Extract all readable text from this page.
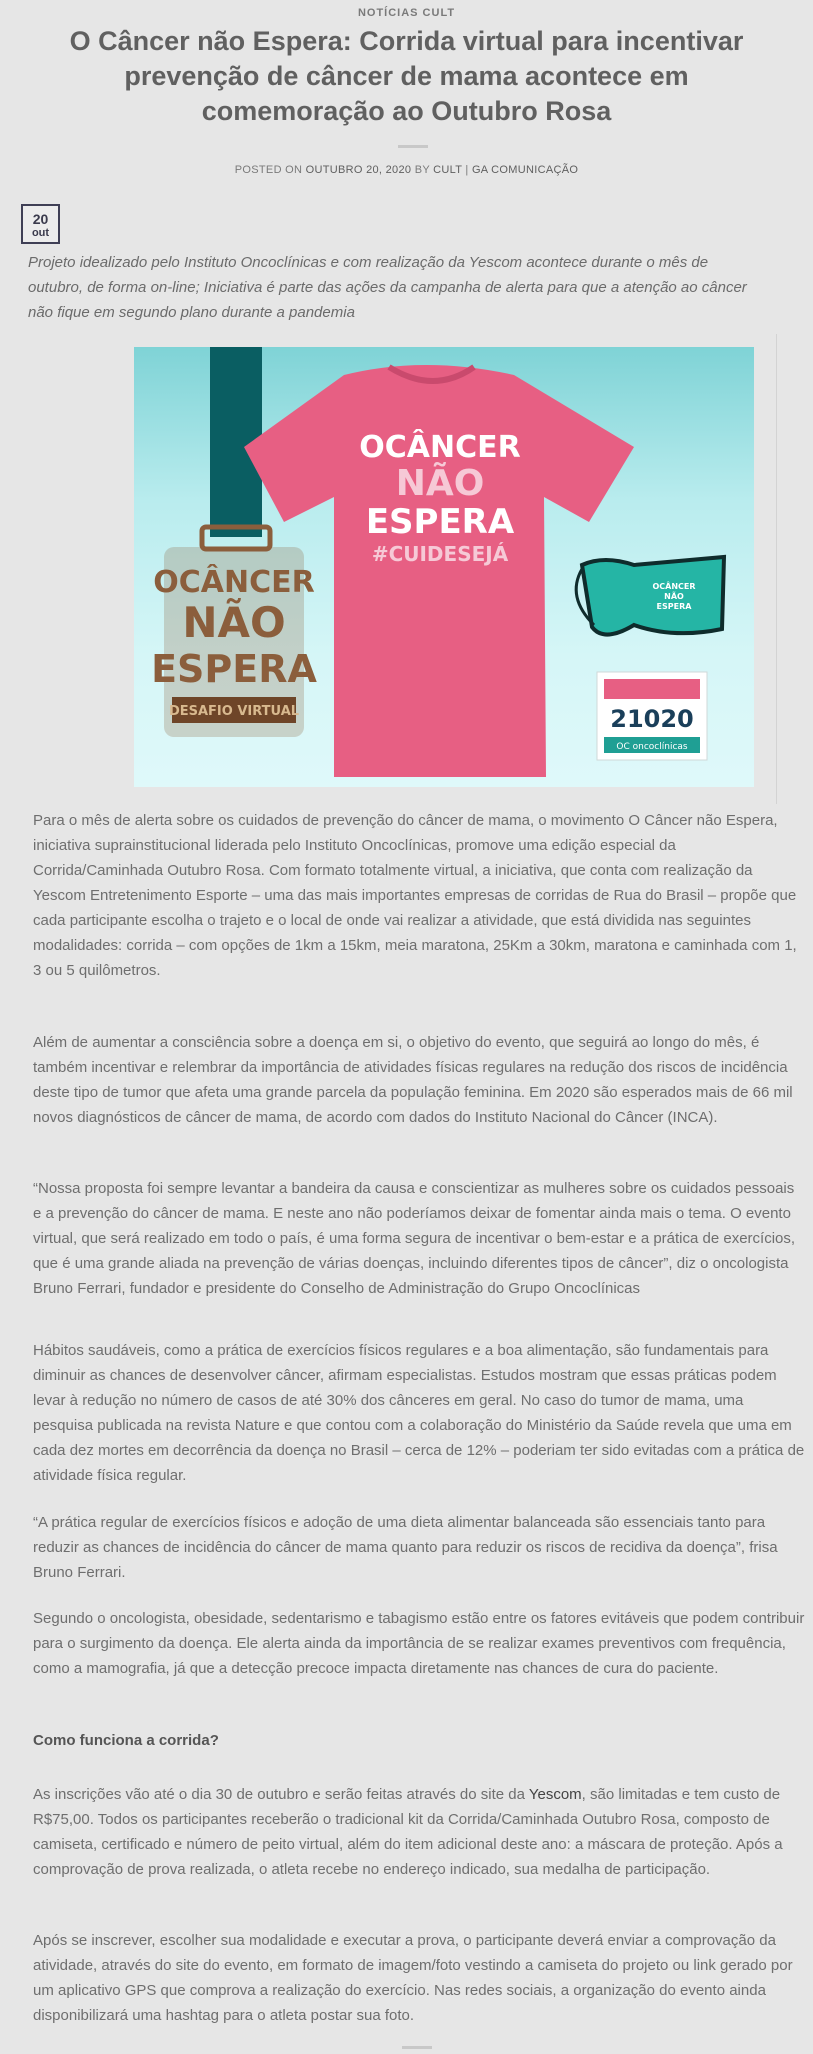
NOTÍCIAS CULT
O Câncer não Espera: Corrida virtual para incentivar prevenção de câncer de mama acontece em comemoração ao Outubro Rosa
POSTED ON OUTUBRO 20, 2020 BY CULT | GA COMUNICAÇÃO
20
out

Projeto idealizado pelo Instituto Oncoclínicas e com realização da Yescom acontece durante o mês de outubro, de forma on-line; Iniciativa é parte das ações da campanha de alerta para que a atenção ao câncer não fique em segundo plano durante a pandemia

OCÂNCER
NÃO
ESPERA
DESAFIO VIRTUAL
OCÂNCER
NÃO
ESPERA
#CUIDESEJÁ
OCÂNCER
NÃO
ESPERA
21020
OC oncoclínicas

Para o mês de alerta sobre os cuidados de prevenção do câncer de mama, o movimento O Câncer não Espera, iniciativa suprainstitucional liderada pelo Instituto Oncoclínicas, promove uma edição especial da Corrida/Caminhada Outubro Rosa. Com formato totalmente virtual, a iniciativa, que conta com realização da Yescom Entretenimento Esporte – uma das mais importantes empresas de corridas de Rua do Brasil – propõe que cada participante escolha o trajeto e o local de onde vai realizar a atividade, que está dividida nas seguintes modalidades: corrida – com opções de 1km a 15km, meia maratona, 25Km a 30km, maratona e caminhada com 1, 3 ou 5 quilômetros.

Além de aumentar a consciência sobre a doença em si, o objetivo do evento, que seguirá ao longo do mês, é também incentivar e relembrar da importância de atividades físicas regulares na redução dos riscos de incidência deste tipo de tumor que afeta uma grande parcela da população feminina. Em 2020 são esperados mais de 66 mil novos diagnósticos de câncer de mama, de acordo com dados do Instituto Nacional do Câncer (INCA).

“Nossa proposta foi sempre levantar a bandeira da causa e conscientizar as mulheres sobre os cuidados pessoais e a prevenção do câncer de mama. E neste ano não poderíamos deixar de fomentar ainda mais o tema. O evento virtual, que será realizado em todo o país, é uma forma segura de incentivar o bem-estar e a prática de exercícios, que é uma grande aliada na prevenção de várias doenças, incluindo diferentes tipos de câncer”, diz o oncologista Bruno Ferrari, fundador e presidente do Conselho de Administração do Grupo Oncoclínicas

Hábitos saudáveis, como a prática de exercícios físicos regulares e a boa alimentação, são fundamentais para diminuir as chances de desenvolver câncer, afirmam especialistas. Estudos mostram que essas práticas podem levar à redução no número de casos de até 30% dos cânceres em geral. No caso do tumor de mama, uma pesquisa publicada na revista Nature e que contou com a colaboração do Ministério da Saúde revela que uma em cada dez mortes em decorrência da doença no Brasil – cerca de 12% – poderiam ter sido evitadas com a prática de atividade física regular.

“A prática regular de exercícios físicos e adoção de uma dieta alimentar balanceada são essenciais tanto para reduzir as chances de incidência do câncer de mama quanto para reduzir os riscos de recidiva da doença”, frisa Bruno Ferrari.

Segundo o oncologista, obesidade, sedentarismo e tabagismo estão entre os fatores evitáveis que podem contribuir para o surgimento da doença. Ele alerta ainda da importância de se realizar exames preventivos com frequência, como a mamografia, já que a detecção precoce impacta diretamente nas chances de cura do paciente.

Como funciona a corrida?

As inscrições vão até o dia 30 de outubro e serão feitas através do site da Yescom, são limitadas e tem custo de R$75,00. Todos os participantes receberão o tradicional kit da Corrida/Caminhada Outubro Rosa, composto de camiseta, certificado e número de peito virtual, além do item adicional deste ano: a máscara de proteção. Após a comprovação de prova realizada, o atleta recebe no endereço indicado, sua medalha de participação.

Após se inscrever, escolher sua modalidade e executar a prova, o participante deverá enviar a comprovação da atividade, através do site do evento, em formato de imagem/foto vestindo a camiseta do projeto ou link gerado por um aplicativo GPS que comprova a realização do exercício. Nas redes sociais, a organização do evento ainda disponibilizará uma hashtag para o atleta postar sua foto.
